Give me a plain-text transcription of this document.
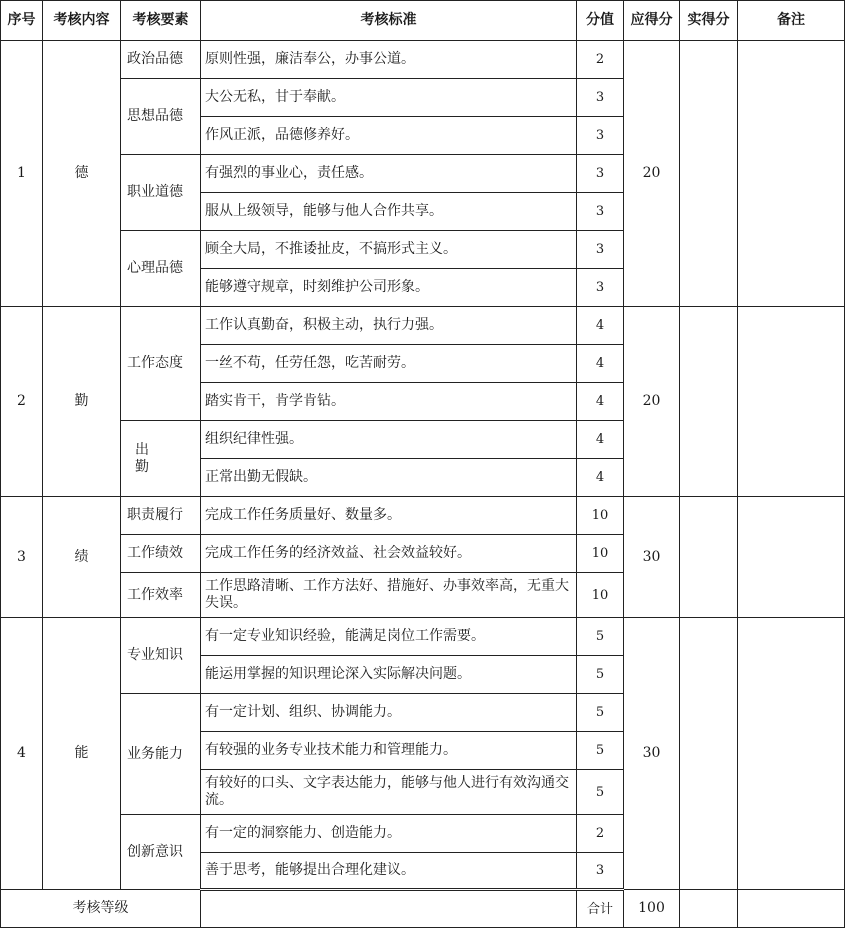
序号	考核内容	考核要素	考核标准	分值	应得分	实得分	备注
1	德	政治品德	原则性强，廉洁奉公，办事公道。	2	20		
		思想品德	大公无私，甘于奉献。	3			
			作风正派，品德修养好。	3			
		职业道德	有强烈的事业心，责任感。	3			
			服从上级领导，能够与他人合作共享。	3			
		心理品德	顾全大局，不推诿扯皮，不搞形式主义。	3			
			能够遵守规章，时刻维护公司形象。	3			
2	勤	工作态度	工作认真勤奋，积极主动，执行力强。	4	20		
			一丝不苟，任劳任怨，吃苦耐劳。	4			
			踏实肯干，肯学肯钻。	4			
		出勤	组织纪律性强。	4			
			正常出勤无假缺。	4			
3	绩	职责履行	完成工作任务质量好、数量多。	10	30		
		工作绩效	完成工作任务的经济效益、社会效益较好。	10			
		工作效率	工作思路清晰、工作方法好、措施好、办事效率高，无重大失误。	10			
4	能	专业知识	有一定专业知识经验，能满足岗位工作需要。	5	30		
			能运用掌握的知识理论深入实际解决问题。	5			
		业务能力	有一定计划、组织、协调能力。	5			
			有较强的业务专业技术能力和管理能力。	5			
			有较好的口头、文字表达能力，能够与他人进行有效沟通交流。	5			
		创新意识	有一定的洞察能力、创造能力。	2			
			善于思考，能够提出合理化建议。	3			
考核等级				合计	100		
